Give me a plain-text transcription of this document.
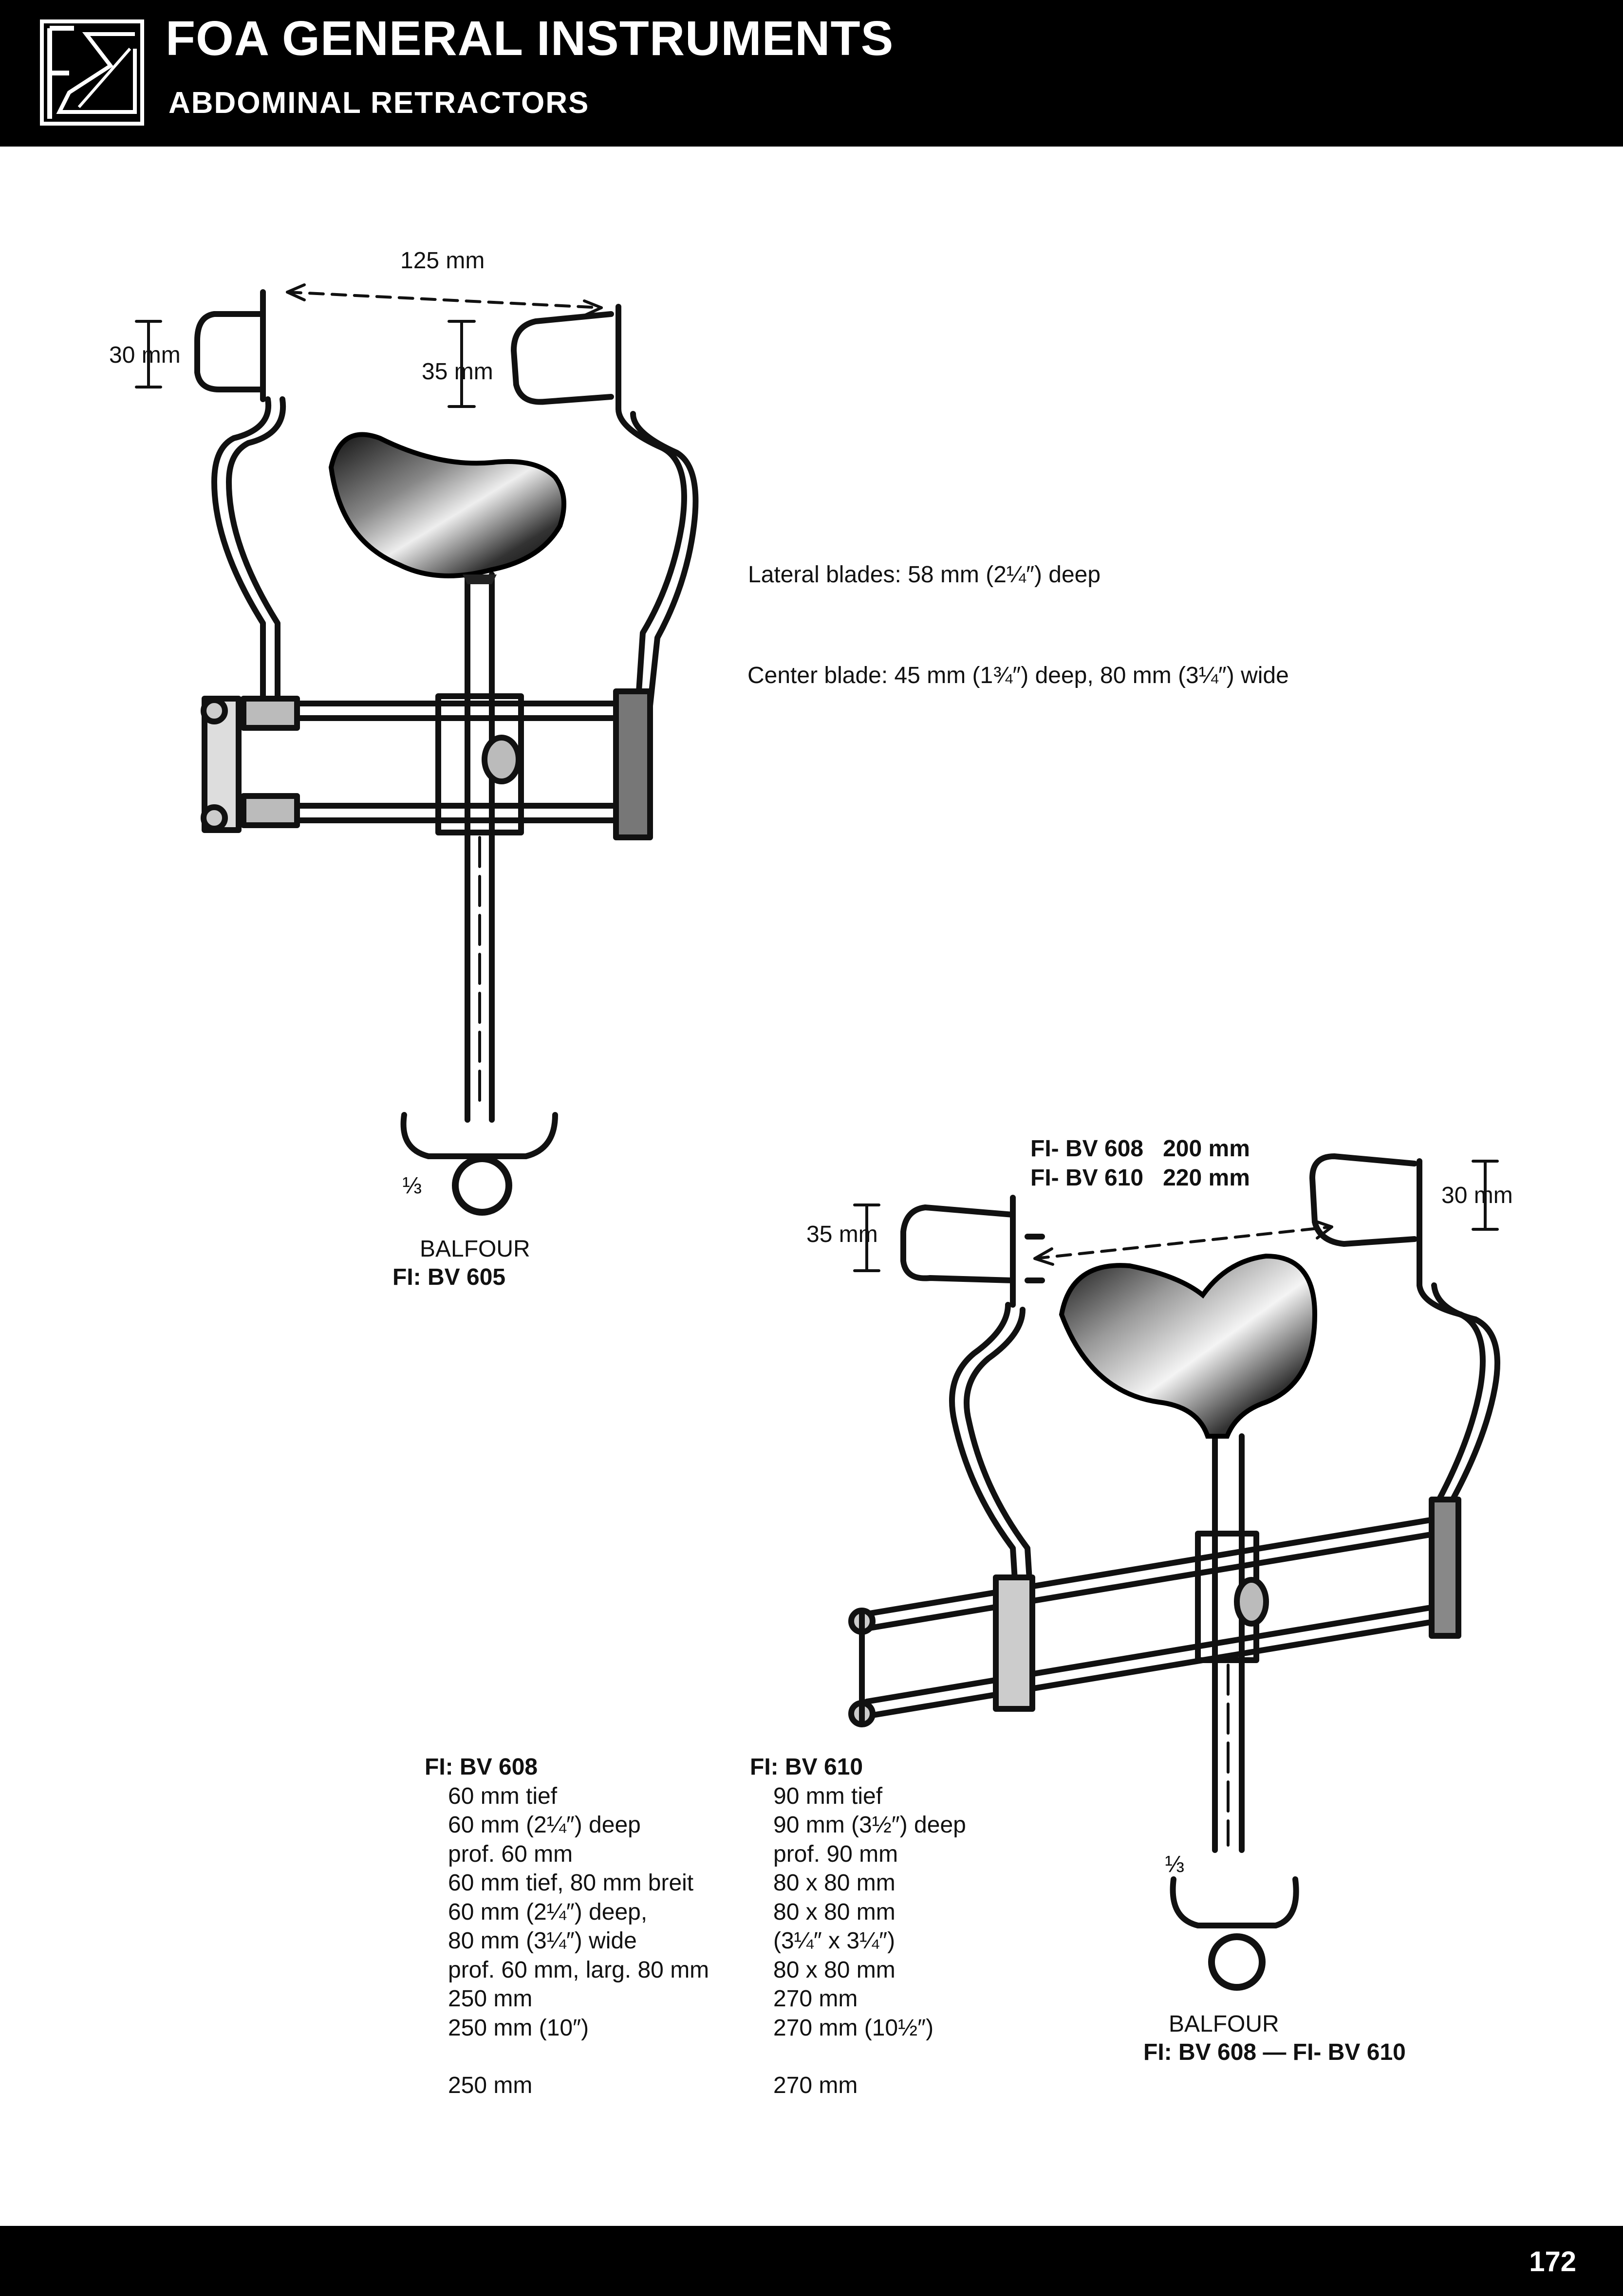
FOA GENERAL INSTRUMENTS
ABDOMINAL RETRACTORS
125 mm
30 mm
35 mm
⅓
BALFOUR
FI: BV 605
Lateral blades: 58 mm (2¼″) deep
Center blade: 45 mm (1¾″) deep, 80 mm (3¼″) wide
FI- BV 608   200 mm
FI- BV 610   220 mm
30 mm
35 mm
⅓
BALFOUR
FI: BV 608 — FI- BV 610
FI: BV 608
60 mm tief
60 mm (2¼″) deep
prof. 60 mm
60 mm tief, 80 mm breit
60 mm (2¼″) deep,
80 mm (3¼″) wide
prof. 60 mm, larg. 80 mm
250 mm
250 mm (10″)
250 mm
FI: BV 610
90 mm tief
90 mm (3½″) deep
prof. 90 mm
80 x 80 mm
80 x 80 mm
(3¼″ x 3¼″)
80 x 80 mm
270 mm
270 mm (10½″)
270 mm
172
